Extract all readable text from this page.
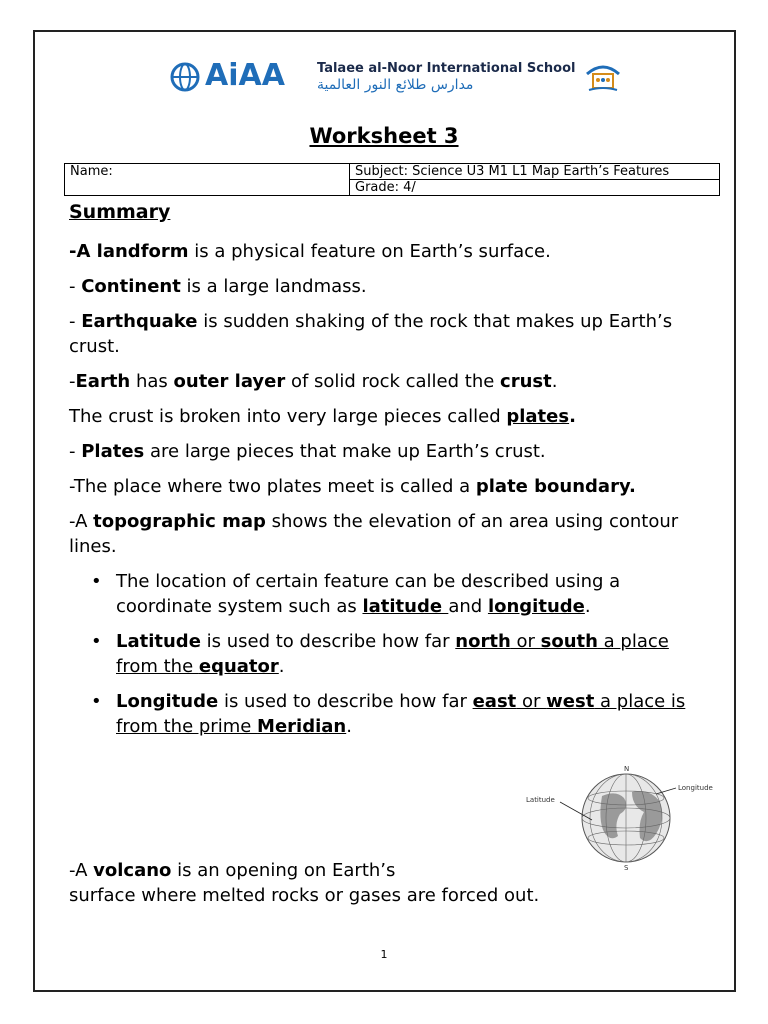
AiAA Talaee al-Noor International School
مدارس طلائع النور العالمية
Worksheet 3
Name:	Subject: Science U3 M1 L1 Map Earth’s Features
Grade: 4/

Summary

-A landform is a physical feature on Earth’s surface.

- Continent is a large landmass.

- Earthquake is sudden shaking of the rock that makes up Earth’s crust.

-Earth has outer layer of solid rock called the crust.

The crust is broken into very large pieces called plates.

- Plates are large pieces that make up Earth’s crust.

-The place where two plates meet is called a plate boundary.

-A topographic map shows the elevation of an area using contour lines.

• The location of certain feature can be described using a coordinate system such as latitude and longitude.
• Latitude is used to describe how far north or south a place from the equator.
• Longitude is used to describe how far east or west a place is from the prime Meridian.
N
S
Latitude
Longitude
-A volcano is an opening on Earth’s
surface where melted rocks or gases are forced out.
1
